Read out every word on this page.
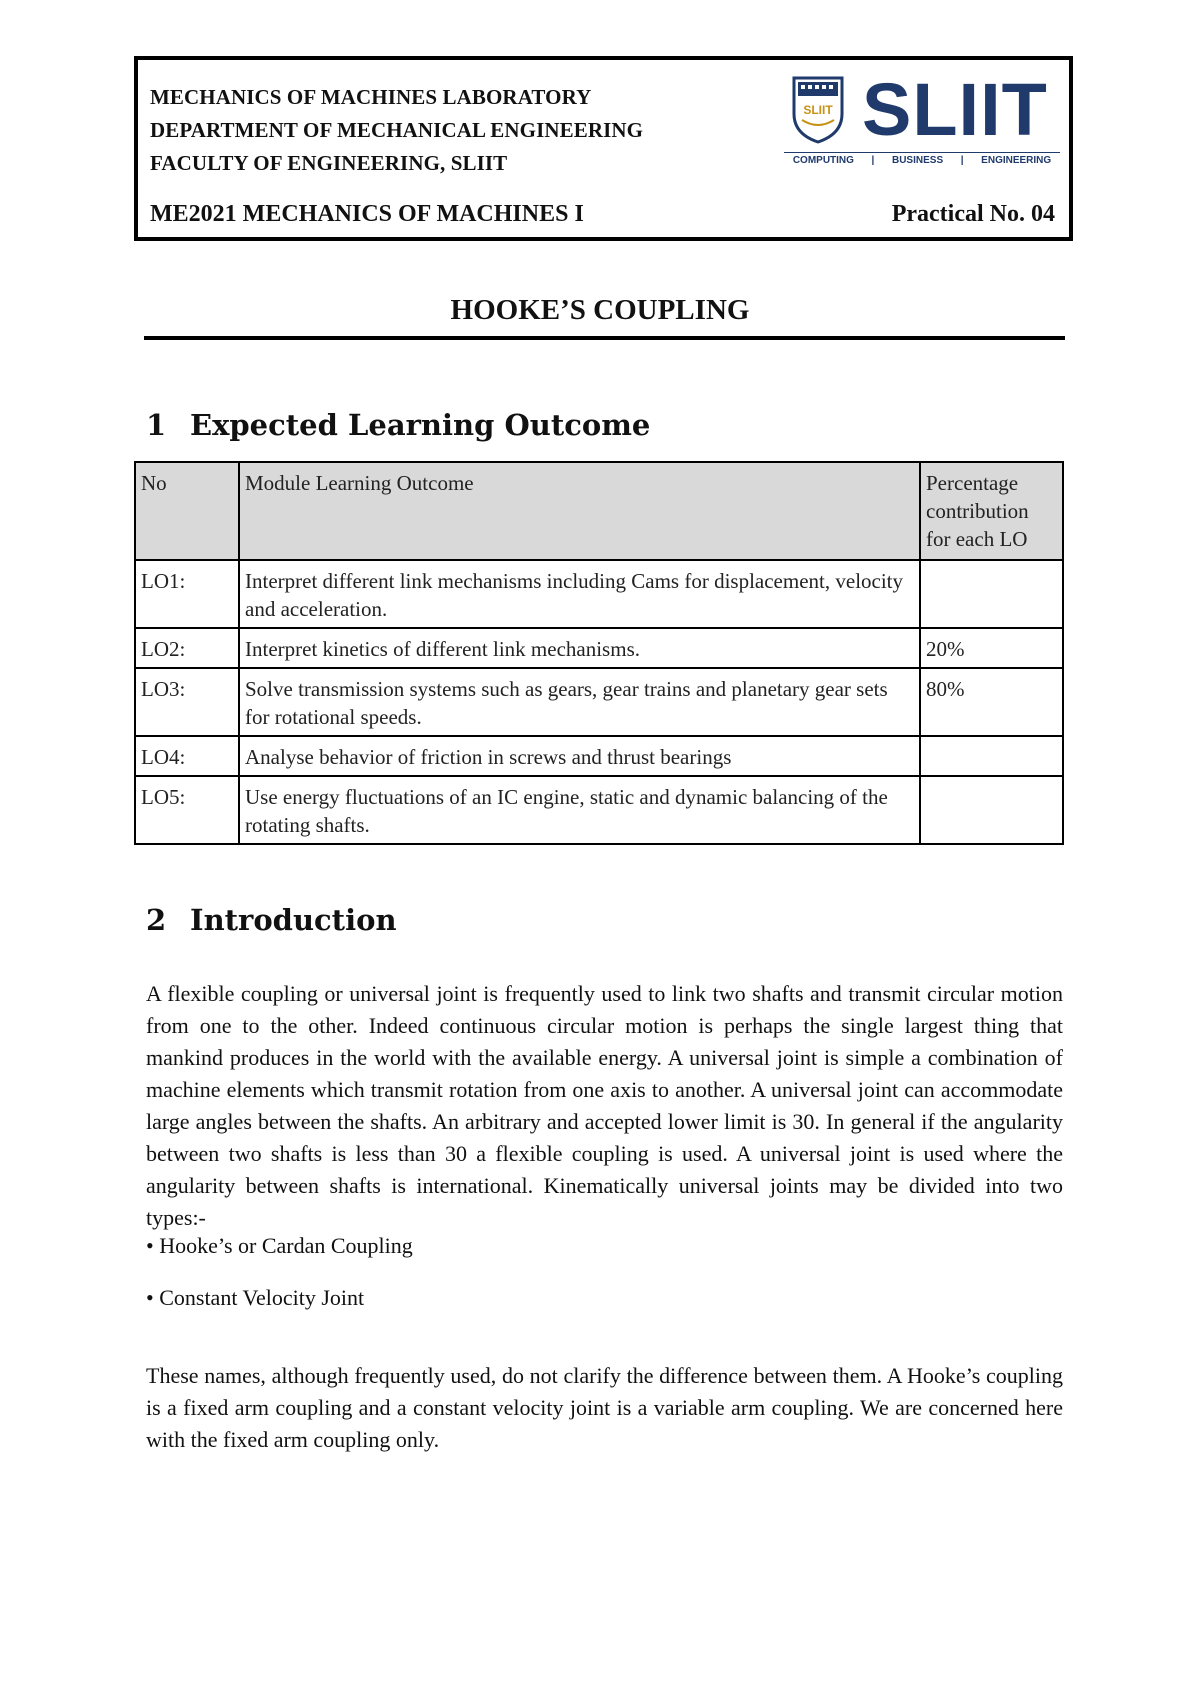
MECHANICS OF MACHINES LABORATORY
DEPARTMENT OF MECHANICAL ENGINEERING
FACULTY OF ENGINEERING, SLIIT
SLIIT SLIIT
COMPUTING | BUSINESS | ENGINEERING
ME2021 MECHANICS OF MACHINES I	Practical No. 04
HOOKE’S COUPLING
1 Expected Learning Outcome
No	Module Learning Outcome	Percentage contribution for each LO
LO1:	Interpret different link mechanisms including Cams for displacement, velocity and acceleration.	
LO2:	Interpret kinetics of different link mechanisms.	20%
LO3:	Solve transmission systems such as gears, gear trains and planetary gear sets for rotational speeds.	80%
LO4:	Analyse behavior of friction in screws and thrust bearings	
LO5:	Use energy fluctuations of an IC engine, static and dynamic balancing of the rotating shafts.	
2 Introduction

A flexible coupling or universal joint is frequently used to link two shafts and transmit circular motion from one to the other. Indeed continuous circular motion is perhaps the single largest thing that mankind produces in the world with the available energy. A universal joint is simple a combination of machine elements which transmit rotation from one axis to another. A universal joint can accommodate large angles between the shafts. An arbitrary and accepted lower limit is 30. In general if the angularity between two shafts is less than 30 a flexible coupling is used. A universal joint is used where the angularity between shafts is international. Kinematically universal joints may be divided into two types:-

• Hooke’s or Cardan Coupling
• Constant Velocity Joint

These names, although frequently used, do not clarify the difference between them. A Hooke’s coupling is a fixed arm coupling and a constant velocity joint is a variable arm coupling. We are concerned here with the fixed arm coupling only.
